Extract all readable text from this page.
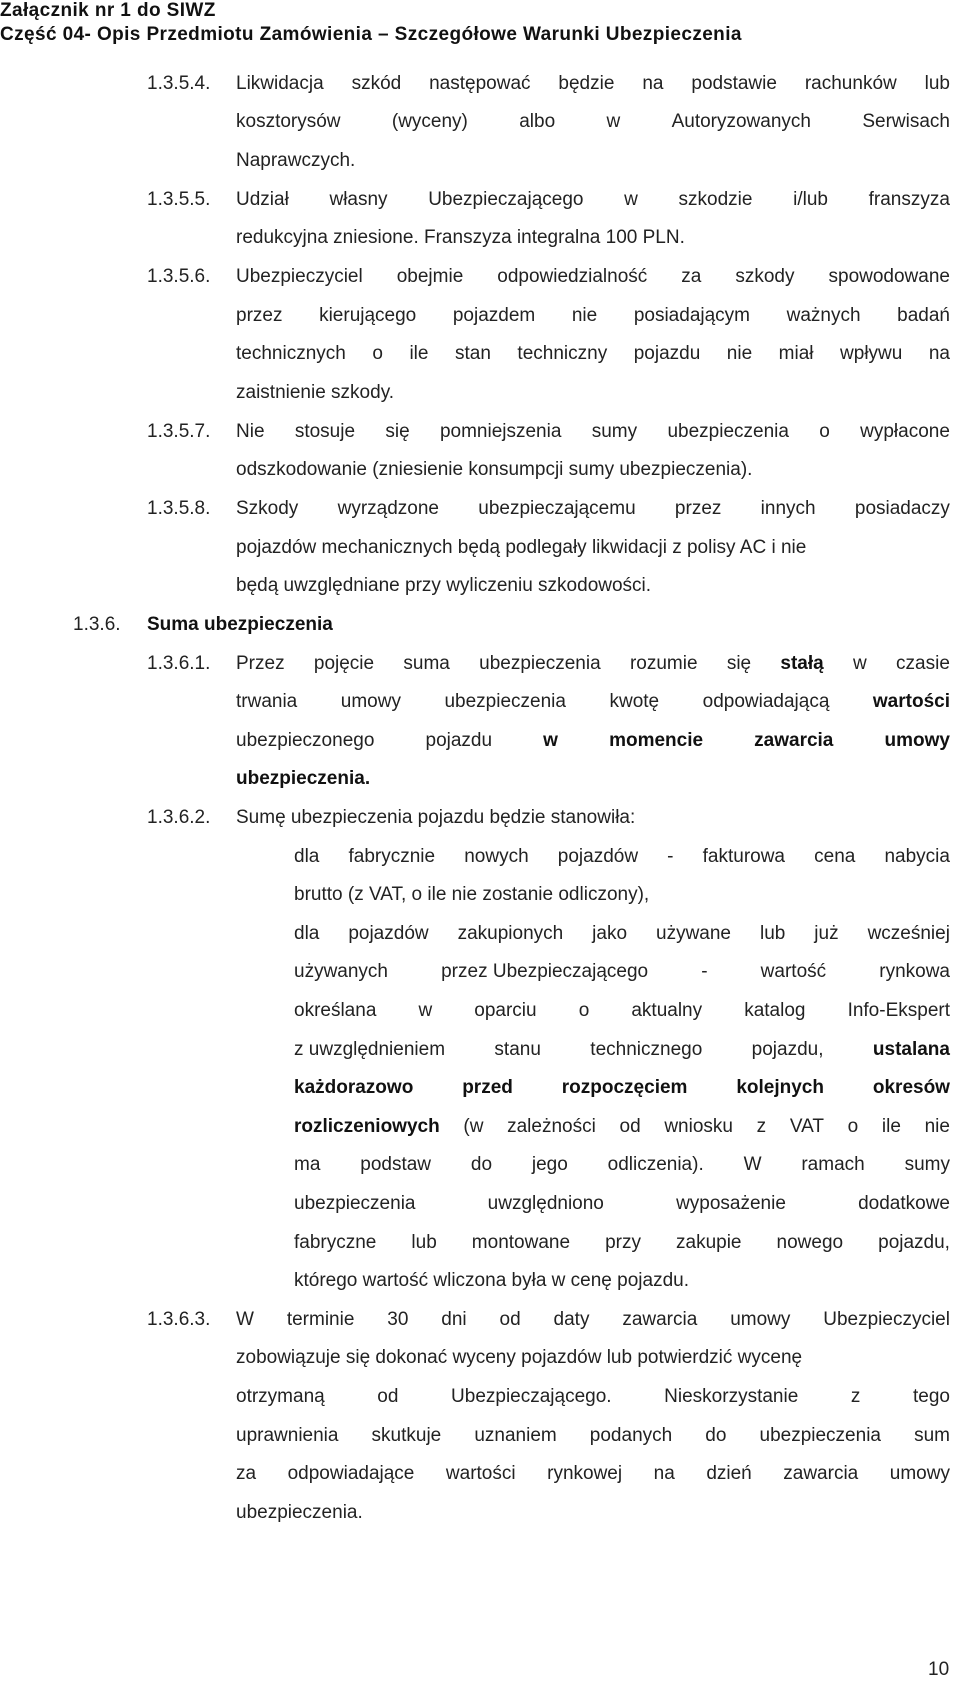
Załącznik nr 1 do SIWZ
Część 04- Opis Przedmiotu Zamówienia – Szczegółowe Warunki Ubezpieczenia
1.3.5.4. Likwidacja szkód następować będzie na podstawie rachunków lub
kosztorysów	(wyceny)	albo	w	Autoryzowanych	Serwisach
Naprawczych.
1.3.5.5. Udział własny Ubezpieczającego w szkodzie i/lub franszyza
redukcyjna zniesione. Franszyza integralna 100 PLN.
1.3.5.6. Ubezpieczyciel obejmie odpowiedzialność za szkody spowodowane
przez kierującego pojazdem nie posiadającym ważnych badań
technicznych o ile stan techniczny pojazdu nie miał wpływu na
zaistnienie szkody.
1.3.5.7. Nie stosuje się pomniejszenia sumy ubezpieczenia o wypłacone
odszkodowanie (zniesienie konsumpcji sumy ubezpieczenia).
1.3.5.8. Szkody wyrządzone ubezpieczającemu przez innych posiadaczy
pojazdów mechanicznych będą podlegały likwidacji z polisy AC i nie
będą uwzględniane przy wyliczeniu szkodowości.
1.3.6. Suma ubezpieczenia
1.3.6.1. Przez pojęcie suma ubezpieczenia rozumie się stałą w czasie
trwania umowy ubezpieczenia kwotę odpowiadającą wartości
ubezpieczonego	pojazdu	w	momencie	zawarcia	umowy
ubezpieczenia.
1.3.6.2. Sumę ubezpieczenia pojazdu będzie stanowiła:
dla fabrycznie nowych pojazdów - fakturowa cena nabycia
brutto (z VAT, o ile nie zostanie odliczony),
dla pojazdów zakupionych jako używane lub już wcześniej
używanych	przez Ubezpieczającego	-	wartość	rynkowa
określana w oparciu o aktualny katalog Info-Ekspert
z uwzględnieniem	stanu	technicznego	pojazdu,	ustalana
każdorazowo	przed	rozpoczęciem	kolejnych	okresów
rozliczeniowych (w zależności od wniosku z VAT o ile nie
ma podstaw do jego odliczenia). W ramach sumy
ubezpieczenia	uwzględniono	wyposażenie	dodatkowe
fabryczne lub montowane przy zakupie nowego pojazdu,
którego wartość wliczona była w cenę pojazdu.
1.3.6.3. W terminie 30 dni od daty zawarcia umowy Ubezpieczyciel
zobowiązuje się dokonać wyceny pojazdów lub potwierdzić wycenę
otrzymaną	od	Ubezpieczającego.	Nieskorzystanie	z	tego
uprawnienia skutkuje uznaniem podanych do ubezpieczenia sum
za odpowiadające wartości rynkowej na dzień zawarcia umowy
ubezpieczenia.
10
